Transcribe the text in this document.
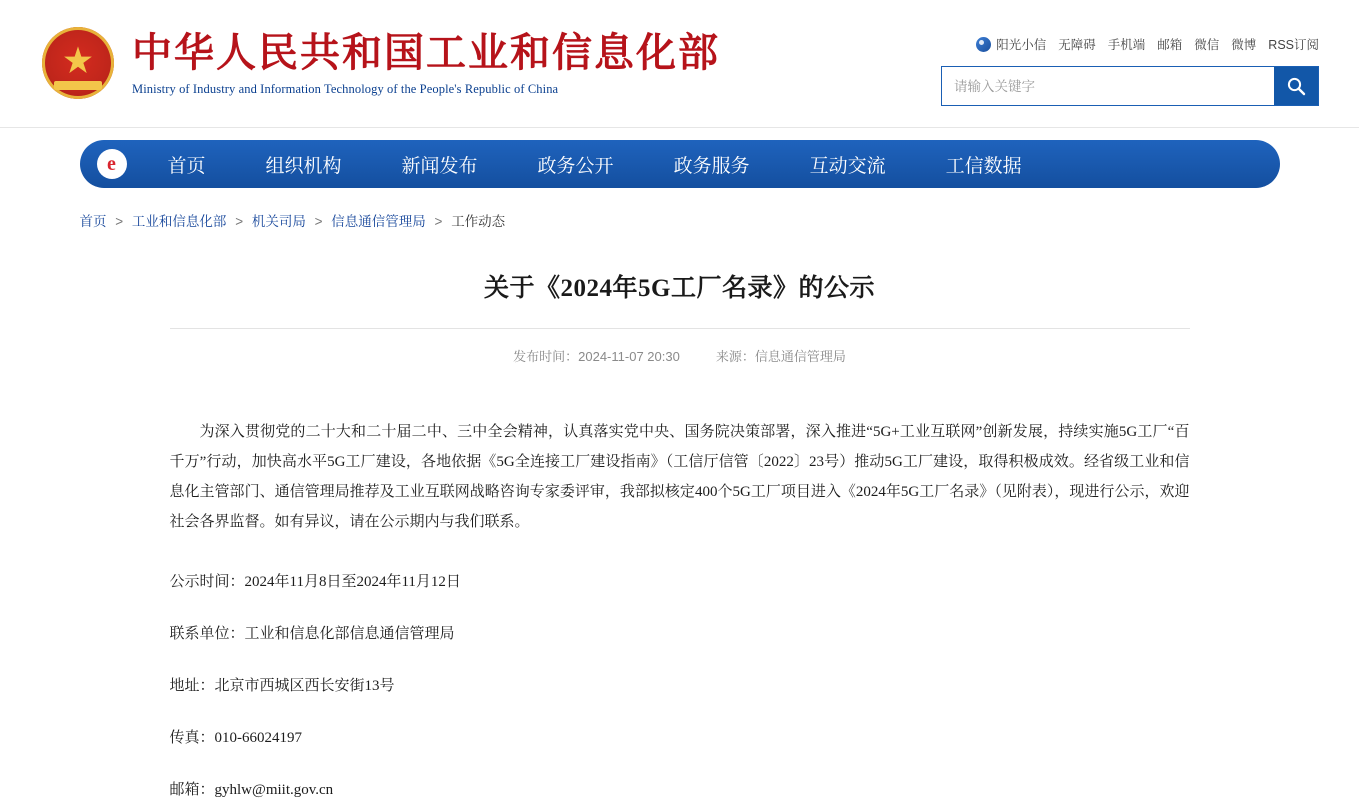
★
中华人民共和国工业和信息化部
Ministry of Industry and Information Technology of the People's Republic of China
阳光小信 无障碍 手机端 邮箱 微信 微博 RSS订阅
请输入关键字
e	首页	组织机构	新闻发布	政务公开	政务服务	互动交流	工信数据
首页 > 工业和信息化部 > 机关司局 > 信息通信管理局 > 工作动态
关于《2024年5G工厂名录》的公示
发布时间：2024-11-07 20:30	来源：信息通信管理局

为深入贯彻党的二十大和二十届二中、三中全会精神，认真落实党中央、国务院决策部署，深入推进“5G+工业互联网”创新发展，持续实施5G工厂“百千万”行动，加快高水平5G工厂建设，各地依据《5G全连接工厂建设指南》（工信厅信管〔2022〕23号）推动5G工厂建设，取得积极成效。经省级工业和信息化主管部门、通信管理局推荐及工业互联网战略咨询专家委评审，我部拟核定400个5G工厂项目进入《2024年5G工厂名录》（见附表），现进行公示，欢迎社会各界监督。如有异议，请在公示期内与我们联系。

公示时间：2024年11月8日至2024年11月12日

联系单位：工业和信息化部信息通信管理局

地址：北京市西城区西长安街13号

传真：010-66024197

邮箱：gyhlw@miit.gov.cn
